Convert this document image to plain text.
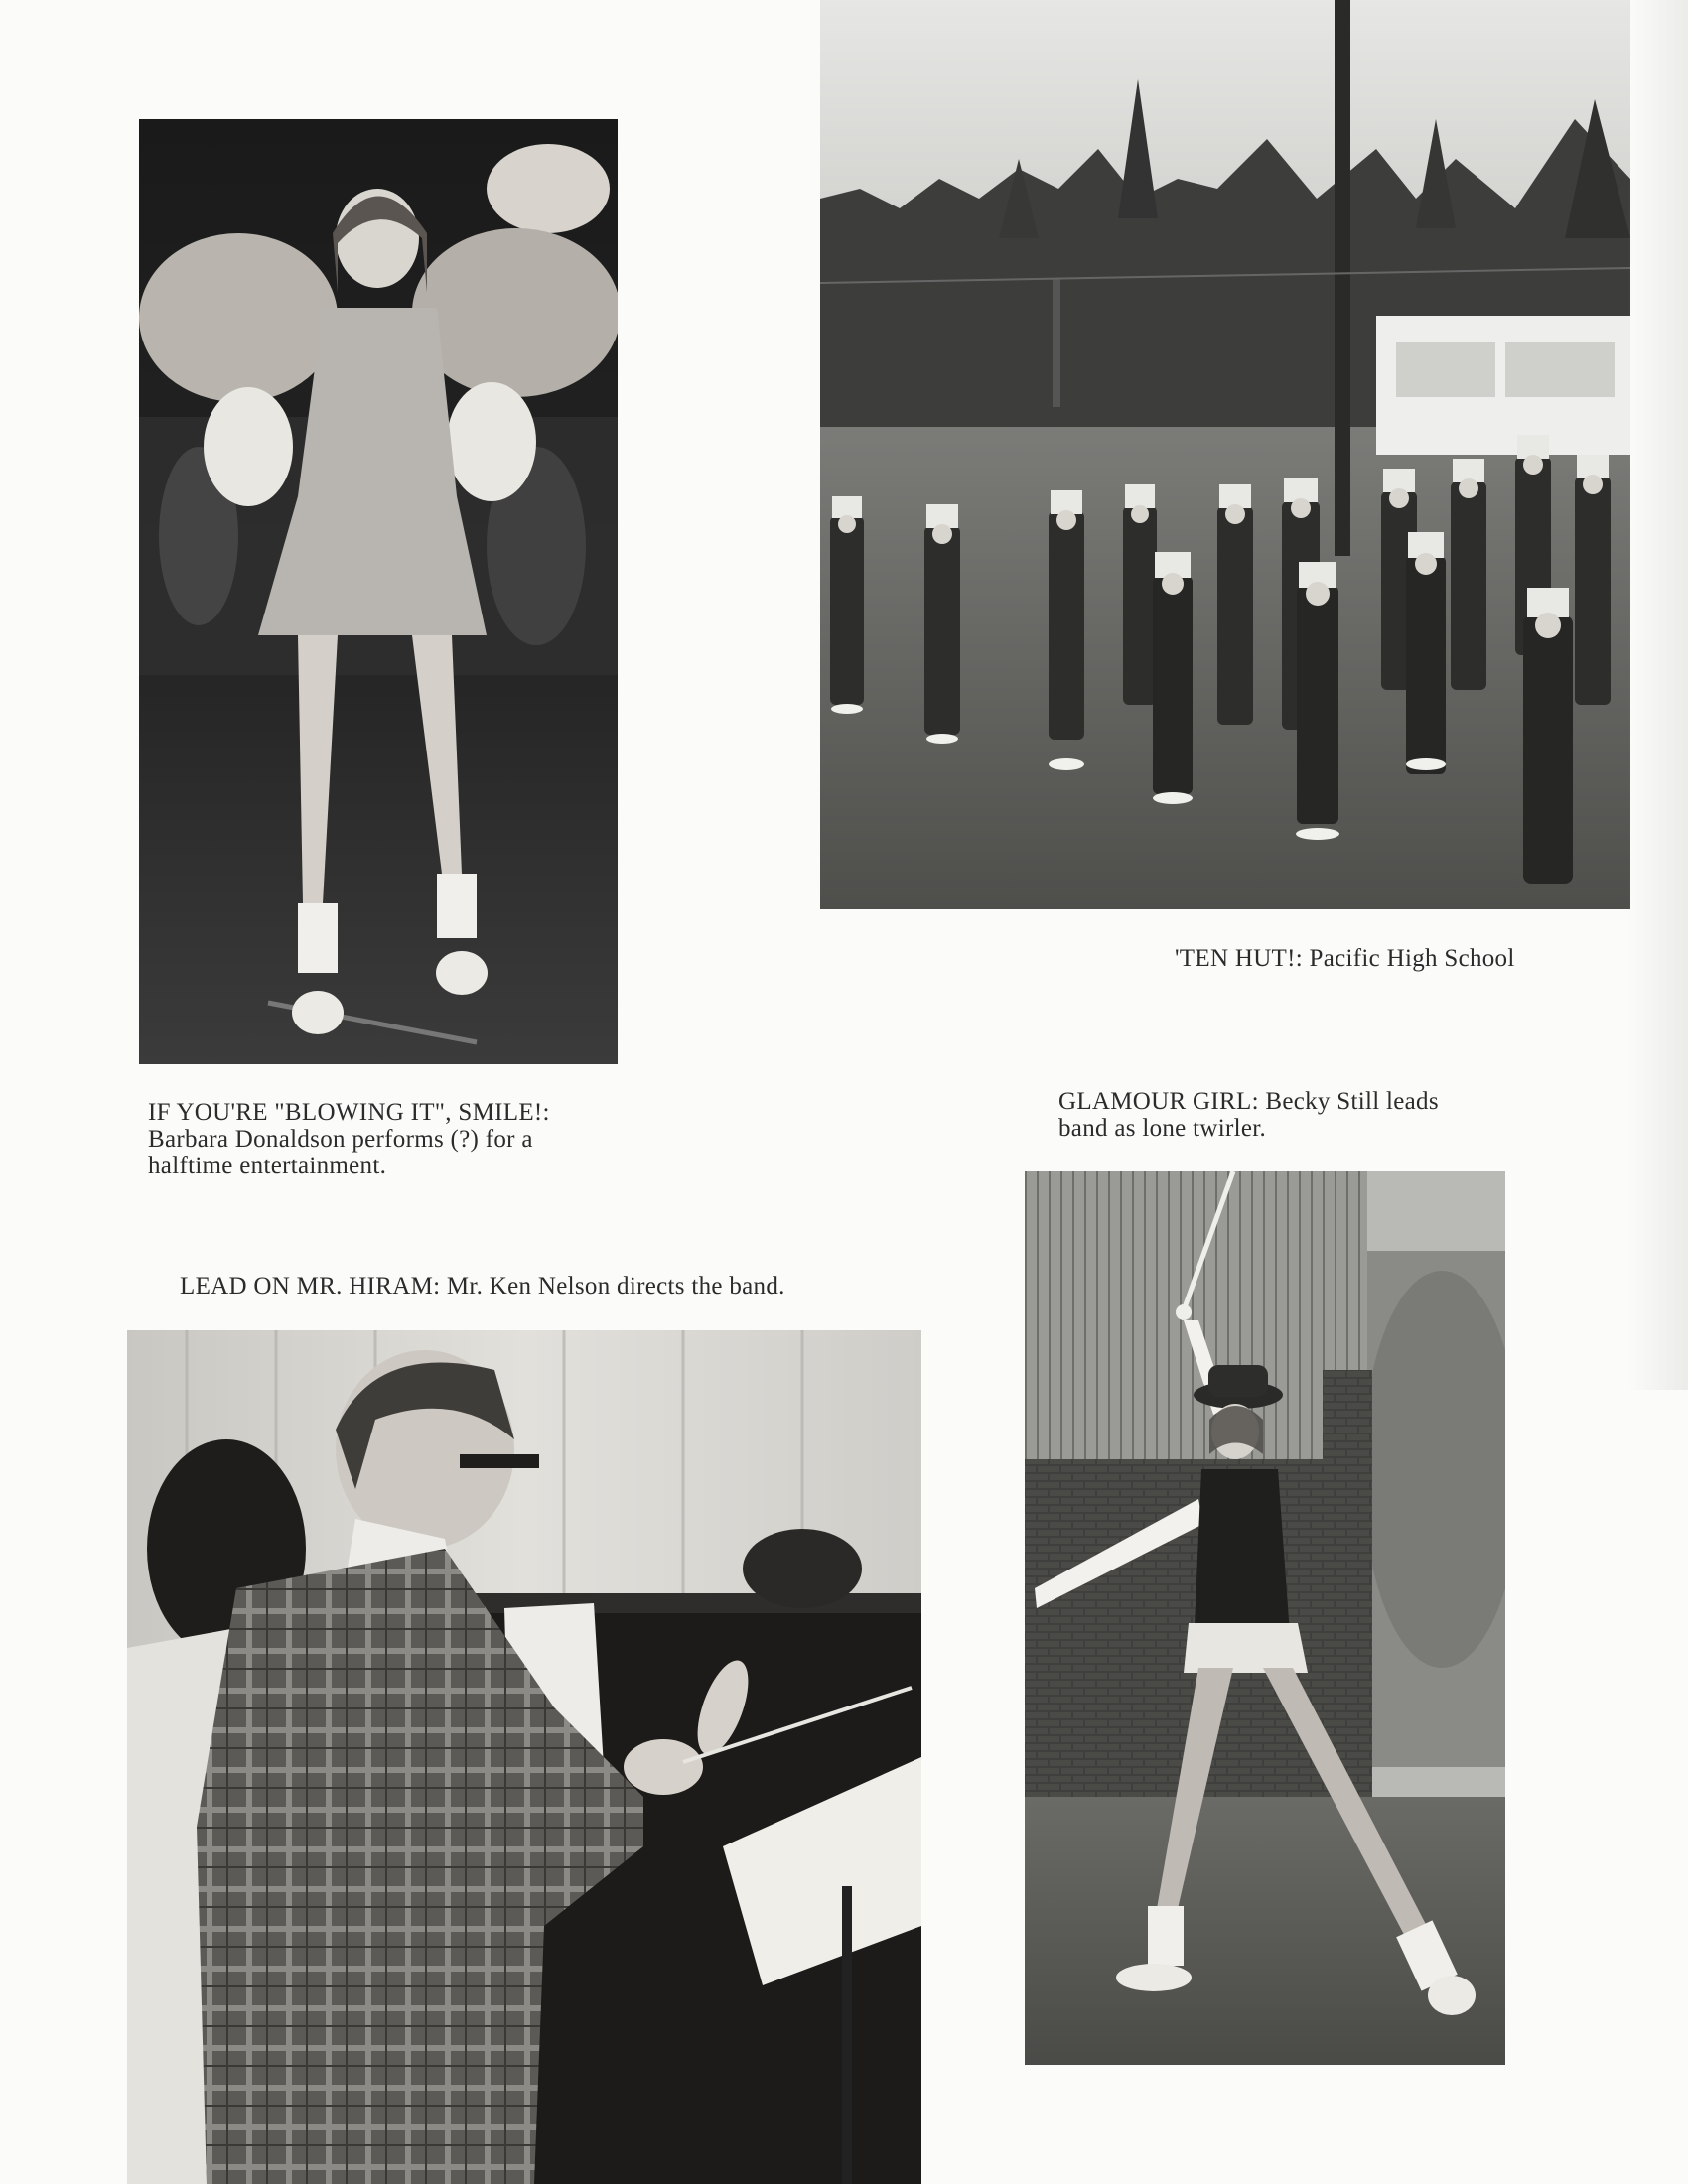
'TEN HUT!: Pacific High School
IF YOU'RE "BLOWING IT", SMILE!:
Barbara Donaldson performs (?) for a
halftime entertainment.
GLAMOUR GIRL: Becky Still leads
band as lone twirler.
LEAD ON MR. HIRAM: Mr. Ken Nelson directs the band.
